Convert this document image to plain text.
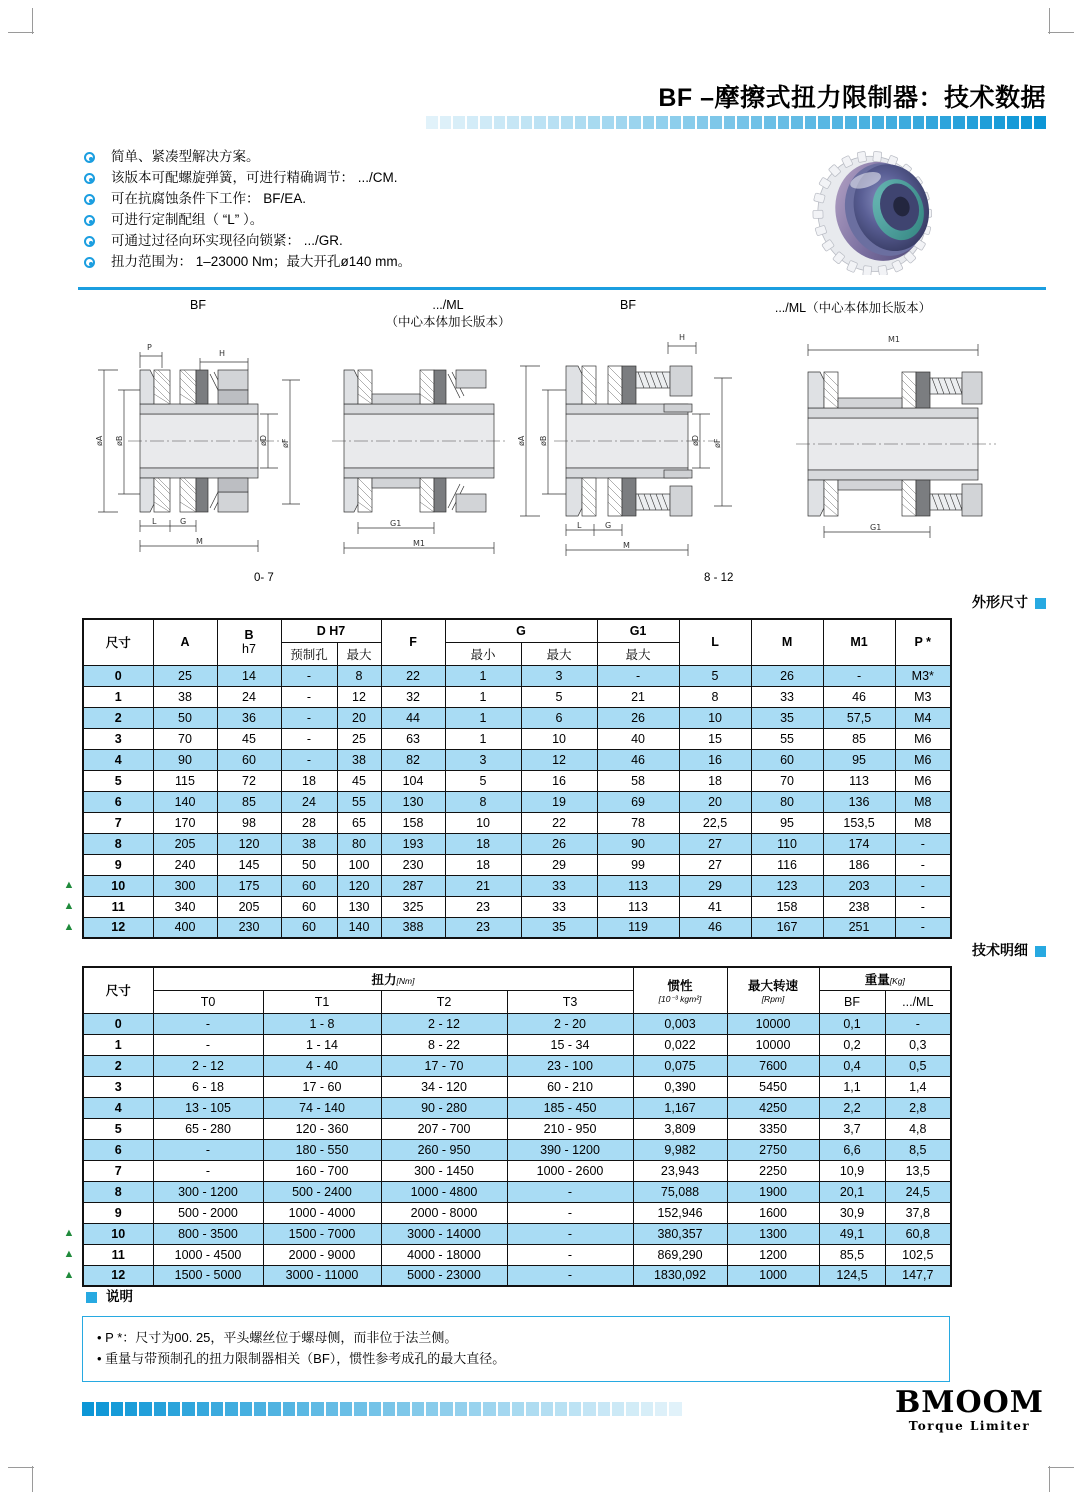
BF –摩擦式扭力限制器：技术数据
简单、紧凑型解决方案。
该版本可配螺旋弹簧，可进行精确调节： .../CM.
可在抗腐蚀条件下工作： BF/EA.
可进行定制配组（ “L” ）。
可通过过径向环实现径向锁紧： .../GR.
扭力范围为： 1–23000 Nm；最大开孔ø140 mm。
BF	.../ML
（中心本体加长版本）
BF	.../ML（中心本体加长版本）
P
H
øA øB	øD øF
L	G
M
G1
M1
H
øA øB	øD øF
L	G
M
M1
G1
0- 7	8 - 12
外形尺寸
尺寸	A	B
h7	D H7		F	G		G1	L	M	M1	P *
			预制孔	最大		最小	最大	最大				
0	25	14	-	8	22	1	3	-	5	26	-	M3*
1	38	24	-	12	32	1	5	21	8	33	46	M3
2	50	36	-	20	44	1	6	26	10	35	57,5	M4
3	70	45	-	25	63	1	10	40	15	55	85	M6
4	90	60	-	38	82	3	12	46	16	60	95	M6
5	115	72	18	45	104	5	16	58	18	70	113	M6
6	140	85	24	55	130	8	19	69	20	80	136	M8
7	170	98	28	65	158	10	22	78	22,5	95	153,5	M8
8	205	120	38	80	193	18	26	90	27	110	174	-
9	240	145	50	100	230	18	29	99	27	116	186	-
10	300	175	60	120	287	21	33	113	29	123	203	-
11	340	205	60	130	325	23	33	113	41	158	238	-
12	400	230	60	140	388	23	35	119	46	167	251	-
▲
▲
▲
技术明细
尺寸	扭力[Nm]	惯性
[10⁻³ kgm²]

最大转速
[Rpm]
	重量[Kg]
	T0	T1	T2	T3			BF	.../ML
0	-	1 - 8	2 - 12	2 - 20	0,003	10000	0,1	-
1	-	1 - 14	8 - 22	15 - 34	0,022	10000	0,2	0,3
2	2 - 12	4 - 40	17 - 70	23 - 100	0,075	7600	0,4	0,5
3	6 - 18	17 - 60	34 - 120	60 - 210	0,390	5450	1,1	1,4
4	13 - 105	74 - 140	90 - 280	185 - 450	1,167	4250	2,2	2,8
5	65 - 280	120 - 360	207 - 700	210 - 950	3,809	3350	3,7	4,8
6	-	180 - 550	260 - 950	390 - 1200	9,982	2750	6,6	8,5
7	-	160 - 700	300 - 1450	1000 - 2600	23,943	2250	10,9	13,5
8	300 - 1200	500 - 2400	1000 - 4800	-	75,088	1900	20,1	24,5
9	500 - 2000	1000 - 4000	2000 - 8000	-	152,946	1600	30,9	37,8
10	800 - 3500	1500 - 7000	3000 - 14000	-	380,357	1300	49,1	60,8
11	1000 - 4500	2000 - 9000	4000 - 18000	-	869,290	1200	85,5	102,5
12	1500 - 5000	3000 - 11000	5000 - 23000	-	1830,092	1000	124,5	147,7
▲
▲
▲
说明
• P *：尺寸为00. 25，平头螺丝位于螺母侧，而非位于法兰侧。
• 重量与带预制孔的扭力限制器相关（BF），惯性参考成孔的最大直径。
BMOOM
Torque Limiter
